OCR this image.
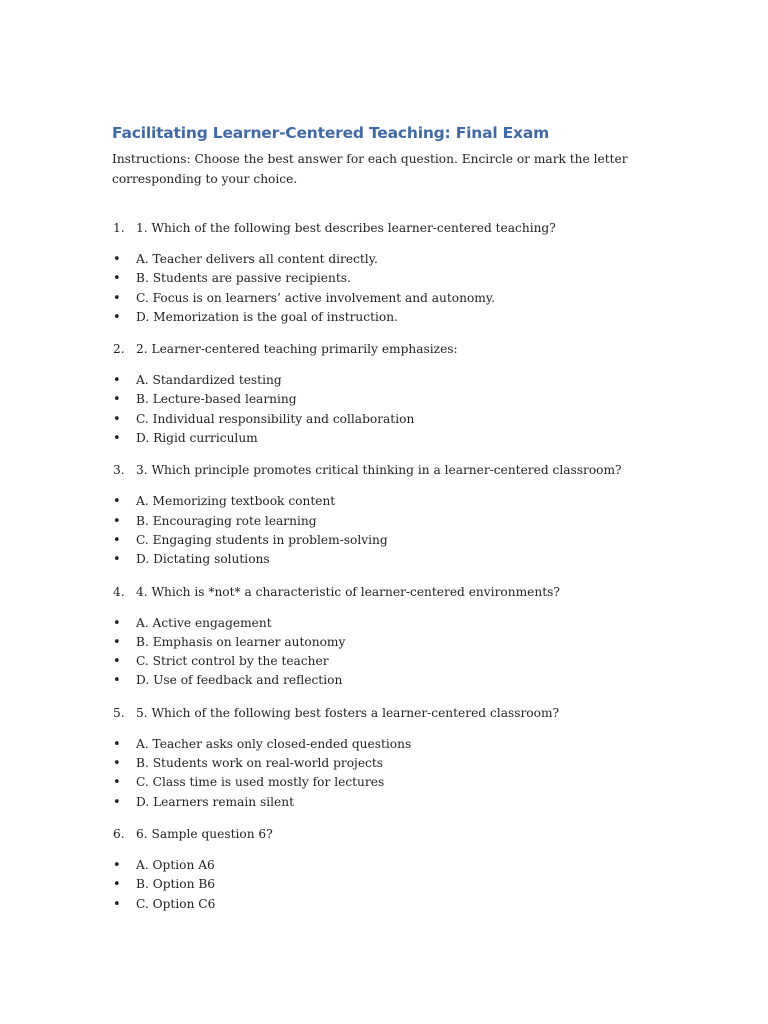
Facilitating Learner-Centered Teaching: Final Exam

Instructions: Choose the best answer for each question. Encircle or mark the letter corresponding to your choice.

1. 1. Which of the following best describes learner-centered teaching?
• A. Teacher delivers all content directly.
• B. Students are passive recipients.
• C. Focus is on learners’ active involvement and autonomy.
• D. Memorization is the goal of instruction.
2. 2. Learner-centered teaching primarily emphasizes:
• A. Standardized testing
• B. Lecture-based learning
• C. Individual responsibility and collaboration
• D. Rigid curriculum
3. 3. Which principle promotes critical thinking in a learner-centered classroom?
• A. Memorizing textbook content
• B. Encouraging rote learning
• C. Engaging students in problem-solving
• D. Dictating solutions
4. 4. Which is *not* a characteristic of learner-centered environments?
• A. Active engagement
• B. Emphasis on learner autonomy
• C. Strict control by the teacher
• D. Use of feedback and reflection
5. 5. Which of the following best fosters a learner-centered classroom?
• A. Teacher asks only closed-ended questions
• B. Students work on real-world projects
• C. Class time is used mostly for lectures
• D. Learners remain silent
6. 6. Sample question 6?
• A. Option A6
• B. Option B6
• C. Option C6
